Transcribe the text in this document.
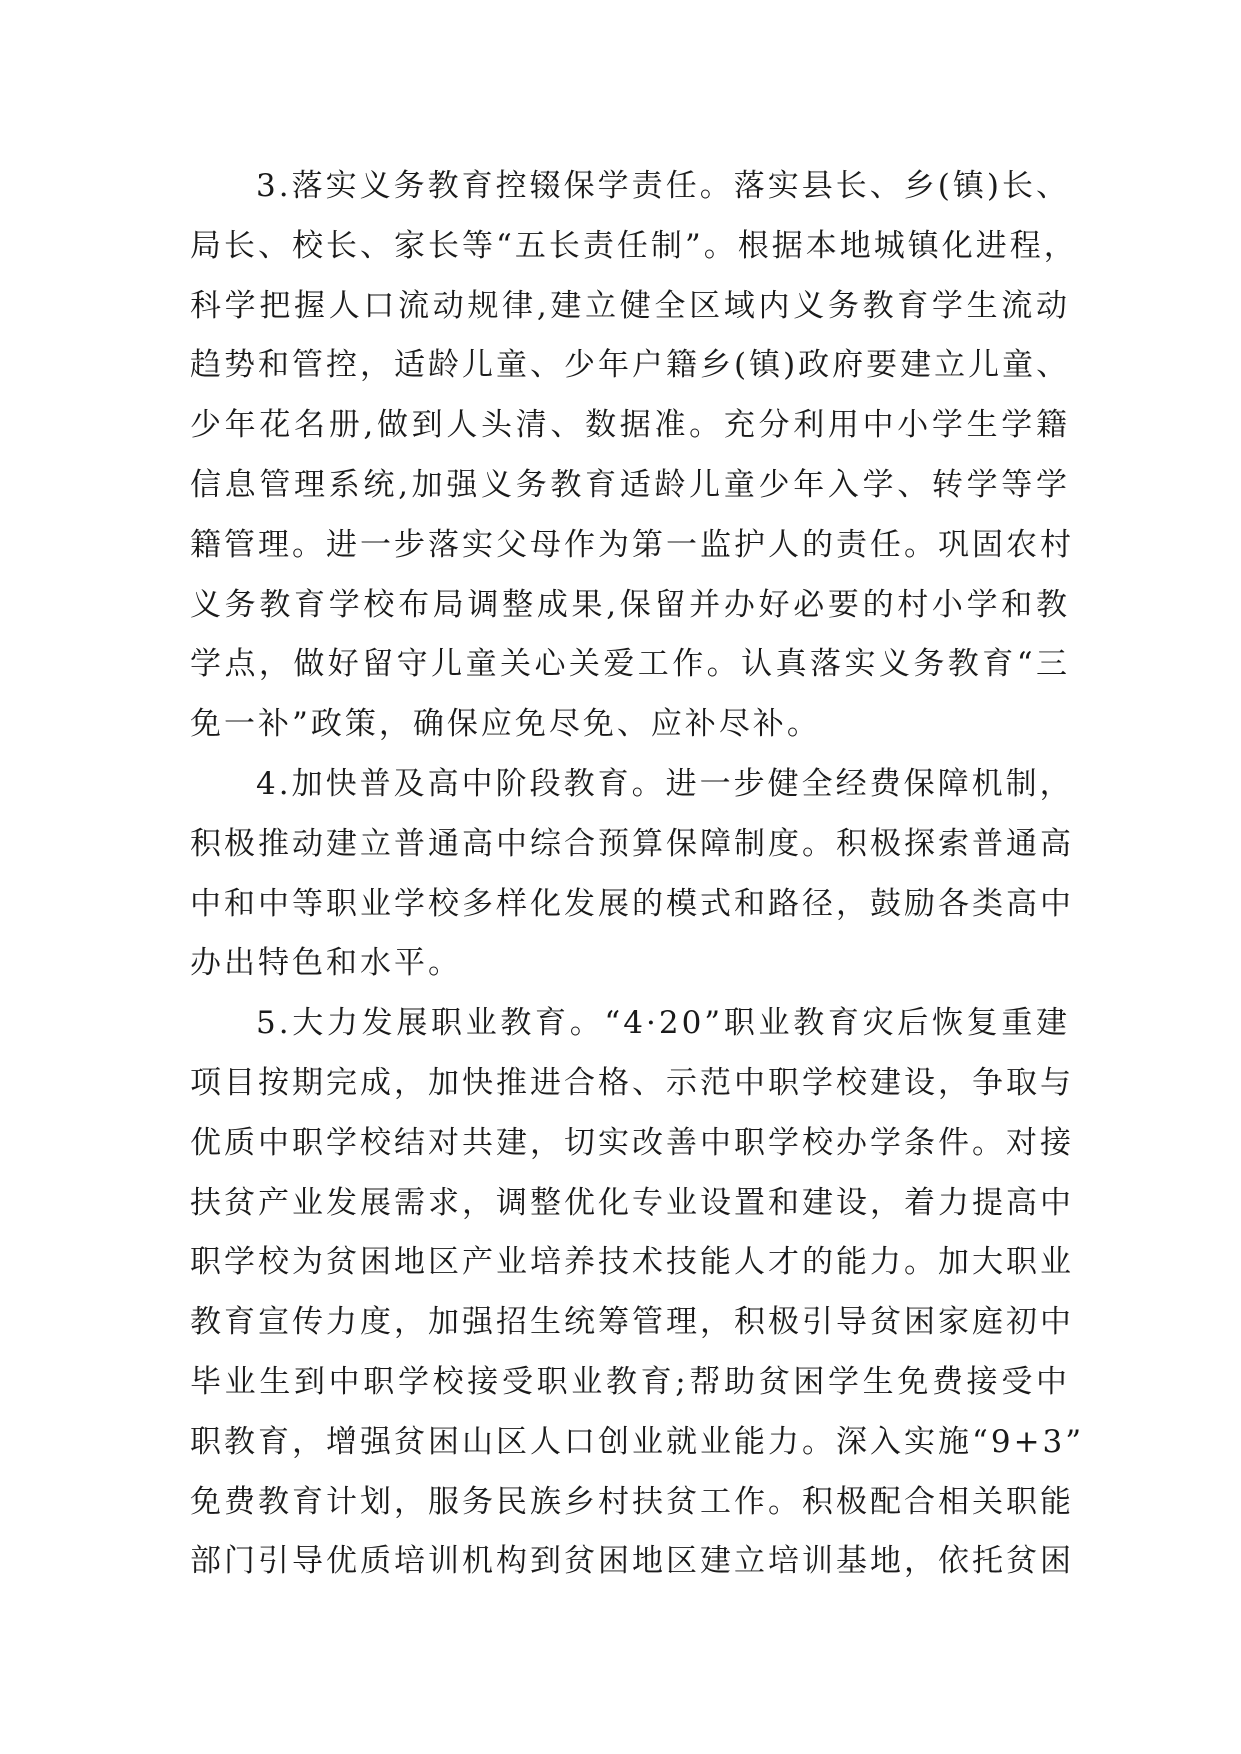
3.落实义务教育控辍保学责任。落实县长、乡(镇)长、
局长、校长、家长等“五长责任制”。根据本地城镇化进程，
科学把握人口流动规律,建立健全区域内义务教育学生流动
趋势和管控，适龄儿童、少年户籍乡(镇)政府要建立儿童、
少年花名册,做到人头清、数据准。充分利用中小学生学籍
信息管理系统,加强义务教育适龄儿童少年入学、转学等学
籍管理。进一步落实父母作为第一监护人的责任。巩固农村
义务教育学校布局调整成果,保留并办好必要的村小学和教
学点，做好留守儿童关心关爱工作。认真落实义务教育“三
免一补”政策，确保应免尽免、应补尽补。
4.加快普及高中阶段教育。进一步健全经费保障机制，
积极推动建立普通高中综合预算保障制度。积极探索普通高
中和中等职业学校多样化发展的模式和路径，鼓励各类高中
办出特色和水平。
5.大力发展职业教育。“4·20”职业教育灾后恢复重建
项目按期完成，加快推进合格、示范中职学校建设，争取与
优质中职学校结对共建，切实改善中职学校办学条件。对接
扶贫产业发展需求，调整优化专业设置和建设，着力提高中
职学校为贫困地区产业培养技术技能人才的能力。加大职业
教育宣传力度，加强招生统筹管理，积极引导贫困家庭初中
毕业生到中职学校接受职业教育;帮助贫困学生免费接受中
职教育，增强贫困山区人口创业就业能力。深入实施“9+3”
免费教育计划，服务民族乡村扶贫工作。积极配合相关职能
部门引导优质培训机构到贫困地区建立培训基地，依托贫困
